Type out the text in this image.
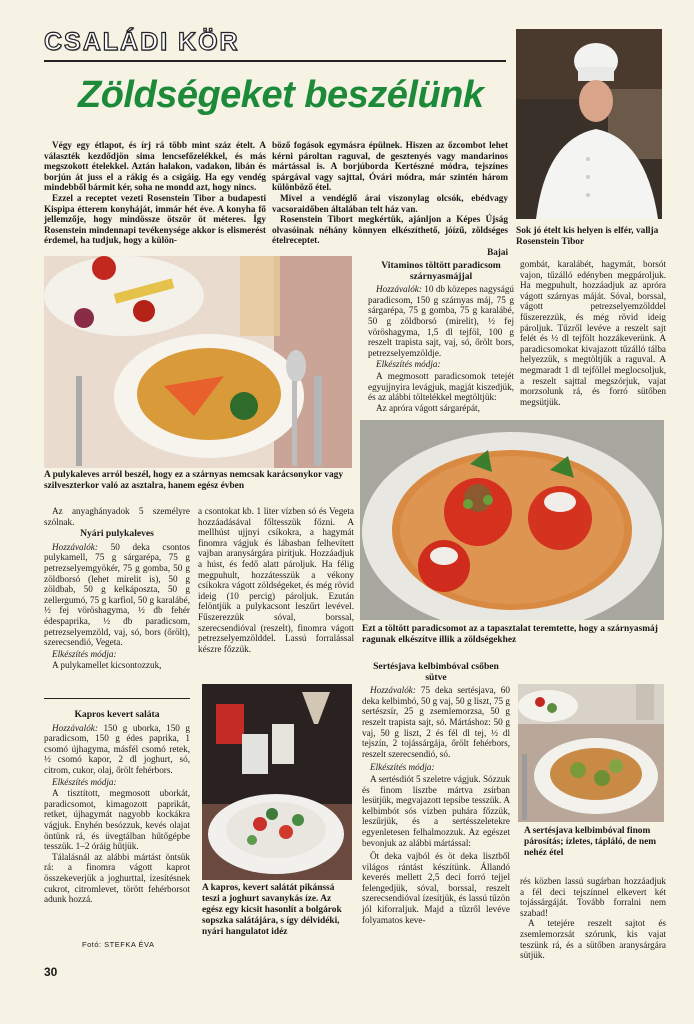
CSALÁDI KÖR
Zöldségeket beszélünk
Sok jó ételt kis helyen is elfér, vallja Rosenstein Tibor

Végy egy étlapot, és írj rá több mint száz ételt. A választék kezdődjön sima lencsefőzelékkel, és más megszokott ételekkel. Aztán halakon, vadakon, libán és borjún át juss el a rákig és a csigáig. Ha egy vendég mindebből bármit kér, soha ne mondd azt, hogy nincs.

Ezzel a receptet vezeti Rosenstein Tibor a budapesti Kispipa étterem konyháját, immár hét éve. A konyha fő jellemzője, hogy mindössze ötször öt méteres. Így Rosenstein mindennapi tevékenysége akkor is elismerést érdemel, ha tudjuk, hogy a külön-

böző fogások egymásra épülnek. Hiszen az őzcombot lehet kérni pároltan raguval, de gesztenyés vagy mandarinos mártással is. A borjúborda Kertészné módra, tejszínes spárgával vagy sajttal, Óvári módra, már szintén három különböző étel.

Mivel a vendéglő árai viszonylag olcsók, ebédvagy vacsoraidőben általában telt ház van.

Rosenstein Tibort megkértük, ajánljon a Képes Újság olvasóinak néhány könnyen elkészíthető, jóízű, zöldséges ételreceptet.

Bajai
A pulykaleves arról beszél, hogy ez a szárnyas nemcsak karácsonykor vagy szilveszterkor való az asztalra, hanem egész évben

Az anyaghányadok 5 személyre szólnak.

Nyári pulykaleves

Hozzávalók: 50 deka csontos pulykamell, 75 g sárgarépa, 75 g petrezselyemgyökér, 75 g gomba, 50 g zöldborsó (lehet mirelit is), 50 g zöldbab, 50 g kelkáposzta, 50 g zellergumó, 75 g karfiol, 50 g karalábé, ½ fej vöröshagyma, ½ db fehér édespaprika, ½ db paradicsom, petrezselyemzöld, vaj, só, bors (őrölt), szerecsendió, Vegeta.

Elkészítés módja:

A pulykamellet kicsontozzuk,

a csontokat kb. 1 liter vízben só és Vegeta hozzáadásával főltesszük főzni. A mellhúst ujjnyi csíkokra, a hagymát finomra vágjuk és lábasban felhevített vajban aranysárgára pirítjuk. Hozzáadjuk a húst, és fedő alatt pároljuk. Ha félig megpuhult, hozzátesszük a vékony csíkokra vágott zöldségeket, és még rövid ideig (10 percig) pároljuk. Ezután felöntjük a pulykacsont leszűrt levével. Fűszerezzük sóval, borssal, szerecsendióval (reszelt), finomra vágott petrezselyemzölddel. Lassú forralással készre főzzük.

Kapros kevert saláta

Hozzávalók: 150 g uborka, 150 g paradicsom, 150 g édes paprika, 1 csomó újhagyma, másfél csomó retek, ½ csomó kapor, 2 dl joghurt, só, citrom, cukor, olaj, őrölt fehérbors.

Elkészítés módja:

A tisztított, megmosott uborkát, paradicsomot, kimagozott paprikát, retket, újhagymát nagyobb kockákra vágjuk. Enyhén besózzuk, kevés olajat öntünk rá, és üvegtálban hűtőgépbe tesszük. 1–2 óráig hűtjük.

Tálalásnál az alábbi mártást öntsük rá: a finomra vágott kaprot összekeverjük a joghurttal, ízesítésnek cukrot, citromlevet, törött fehérborsot adunk hozzá.

A kapros, kevert salátát pikánssá teszi a joghurt savanykás íze. Az egész egy kicsit hasonlít a bolgárok sopszka salátájára, s így délvidéki, nyári hangulatot idéz
Vitaminos töltött paradicsom szárnyasmájjal

Hozzávalók: 10 db közepes nagyságú paradicsom, 150 g szárnyas máj, 75 g sárgarépa, 75 g gomba, 75 g karalábé, 50 g zöldborsó (mirelit), ½ fej vöröshagyma, 1,5 dl tejföl, 100 g reszelt trapista sajt, vaj, só, őrölt bors, petrezselyemzöldje.

Elkészítés módja:

A megmosott paradicsomok tetejét egyujjnyira levágjuk, magját kiszedjük, és az alábbi töltelékkel megtöltjük:

Az apróra vágott sárgarépát,

gombát, karalábét, hagymát, borsót vajon, tűzálló edényben megpároljuk. Ha megpuhult, hozzáadjuk az apróra vágott szárnyas máját. Sóval, borssal, vágott petrezselyemzölddel fűszerezzük, és még rövid ideig pároljuk. Tűzről levéve a reszelt sajt felét és ½ dl tejfölt hozzákeverünk. A paradicsomokat kivajazott tűzálló tálba helyezzük, s megtöltjük a raguval. A megmaradt 1 dl tejföllel meglocsoljuk, a reszelt sajttal megszórjuk, vajat morzsolunk rá, és forró sütőben megsütjük.

Ezt a töltött paradicsomot az a tapasztalat teremtette, hogy a szárnyasmáj ragunak elkészítve illik a zöldségekhez
Sertésjava kelbimbóval csőben sütve

Hozzávalók: 75 deka sertésjava, 60 deka kelbimbó, 50 g vaj, 50 g liszt, 75 g sertészsír, 25 g zsemlemorzsa, 50 g reszelt trapista sajt, só. Mártáshoz: 50 g vaj, 50 g liszt, 2 és fél dl tej, ½ dl tejszín, 2 tojássárgája, őrölt fehérbors, reszelt szerecsendió, só.

Elkészítés módja:

A sertésdiót 5 szeletre vágjuk. Sózzuk és finom lisztbe mártva zsírban lesütjük, megvajazott tepsibe tesszük. A kelbimbót sós vízben puhára főzzük, leszűrjük, és a sertésszeletekre egyenletesen felhalmozzuk. Az egészet bevonjuk az alábbi mártással:

Öt deka vajból és öt deka lisztből világos rántást készítünk. Állandó keverés mellett 2,5 deci forró tejjel felengedjük, sóval, borssal, reszelt szerecsendióval ízesítjük, és lassú tűzön jól kiforraljuk. Majd a tűzről levéve folyamatos keve-

A sertésjava kelbimbóval finom párosítás; ízletes, tápláló, de nem nehéz étel

rés közben lassú sugárban hozzáadjuk a fél deci tejszínnel elkevert két tojássárgáját. Tovább forralni nem szabad!

A tetejére reszelt sajtot és zsemlemorzsát szórunk, kis vajat teszünk rá, és a sütőben aranysárgára sütjük.

Fotó: STEFKA ÉVA
30
